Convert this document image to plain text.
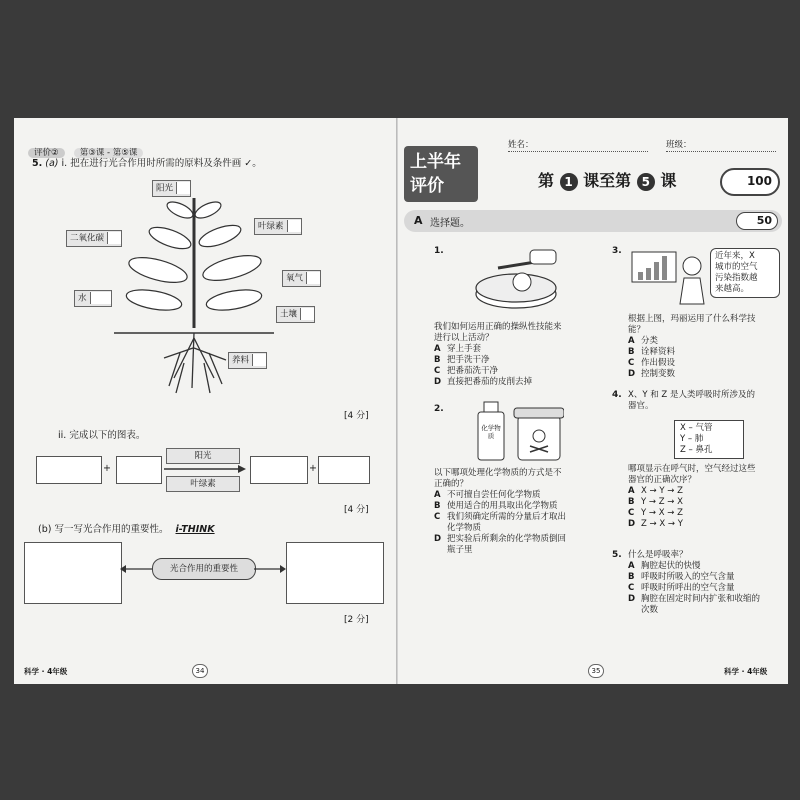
评价② 第③课 - 第⑤课
5. (a) i. 把在进行光合作用时所需的原料及条件画 ✓。
阳光
叶绿素
二氧化碳
氧气
水
土壤
养料
[4 分]
ii. 完成以下的图表。
+
阳光
叶绿素
+
[4 分]
(b) 写一写光合作用的重要性。 i-THINK
光合作用的重要性
[2 分]
科学 · 4年级	34
姓名：	班级：
上半年评价	第 1 课至第 5 课	100
A 选择题。	50
1.
我们如何运用正确的操纵性技能来
进行以上活动？
A 穿上手套
B 把手洗干净
C 把番茄洗干净
D 直接把番茄的皮削去掉
2.
化学物质
以下哪项处理化学物质的方式是不
正确的？
A 不可擅自尝任何化学物质
B 使用适合的用具取出化学物质
C 我们须确定所需的分量后才取出
化学物质
D 把实验后所剩余的化学物质倒回
瓶子里
3.	近年来，X
城市的空气
污染指数越
来越高。
根据上图，玛丽运用了什么科学技
能？
A 分类
B 诠释资料
C 作出假设
D 控制变数
4. X、Y 和 Z 是人类呼吸时所涉及的
器官。
X – 气管
Y – 肺
Z – 鼻孔
哪项显示在呼气时，空气经过这些
器官的正确次序？
A X → Y → Z
B Y → Z → X
C Y → X → Z
D Z → X → Y
5. 什么是呼吸率？
A 胸腔起伏的快慢
B 呼吸时所吸入的空气含量
C 呼吸时所呼出的空气含量
D 胸腔在固定时间内扩张和收缩的
次数
35	科学 · 4年级
